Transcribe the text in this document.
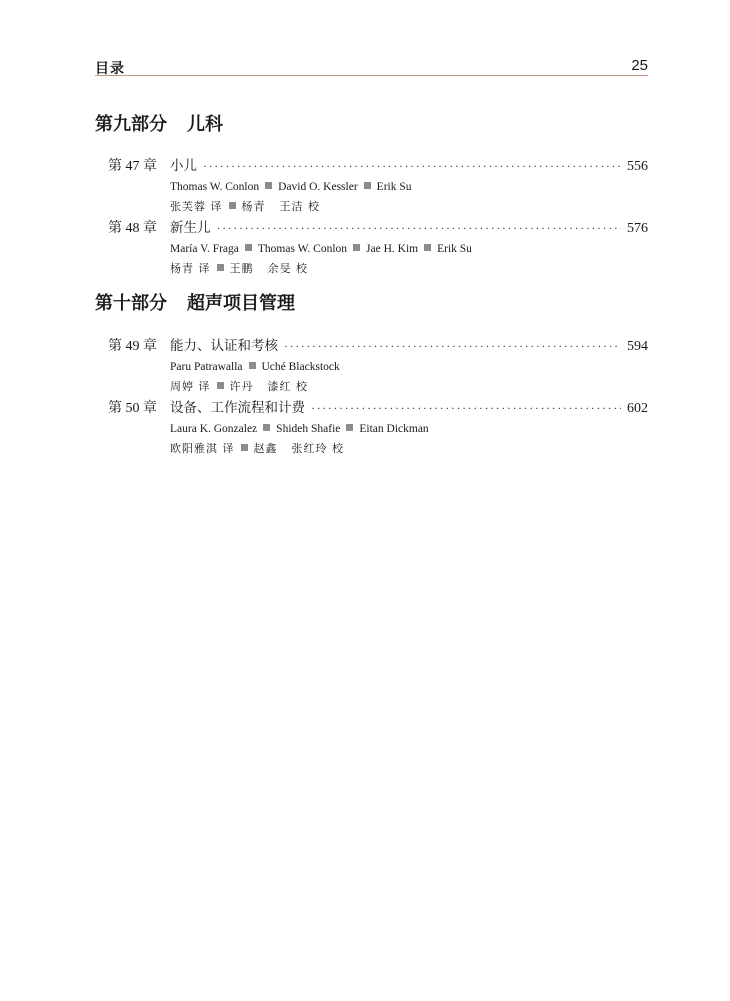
目录	25
第九部分 儿科
第 47 章 小儿 ·····	556
Thomas W. Conlon David O. Kessler Erik Su
张芙蓉 译 杨青 王洁 校
第 48 章 新生儿 ·····	576
María V. Fraga Thomas W. Conlon Jae H. Kim Erik Su
杨青 译 王鹏 余旻 校
第十部分 超声项目管理
第 49 章 能力、认证和考核 ·····	594
Paru Patrawalla Uché Blackstock
周婷 译 许丹 漆红 校
第 50 章 设备、工作流程和计费 ·····	602
Laura K. Gonzalez Shideh Shafie Eitan Dickman
欧阳雅淇 译 赵鑫 张红玲 校
